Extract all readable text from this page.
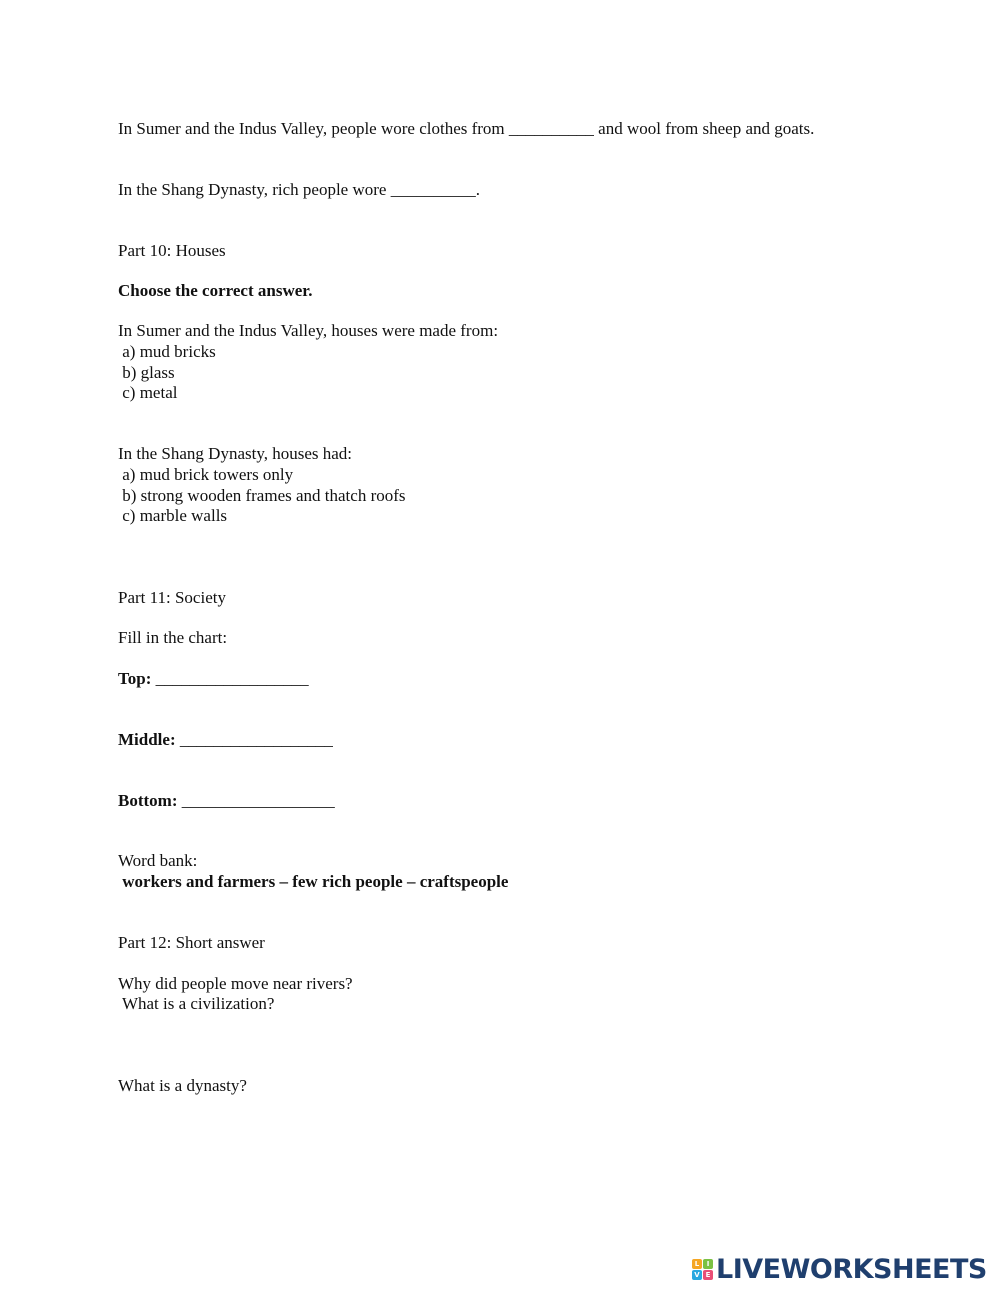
In Sumer and the Indus Valley, people wore clothes from __________ and wool from sheep and goats.
In the Shang Dynasty, rich people wore __________.
Part 10: Houses
Choose the correct answer.
In Sumer and the Indus Valley, houses were made from:
a) mud bricks
b) glass
c) metal
In the Shang Dynasty, houses had:
a) mud brick towers only
b) strong wooden frames and thatch roofs
c) marble walls
Part 11: Society
Fill in the chart:
Top: __________________
Middle: __________________
Bottom: __________________
Word bank:
workers and farmers – few rich people – craftspeople
Part 12: Short answer
Why did people move near rivers?
What is a civilization?
What is a dynasty?
L	I
V E LIVEWORKSHEETS
